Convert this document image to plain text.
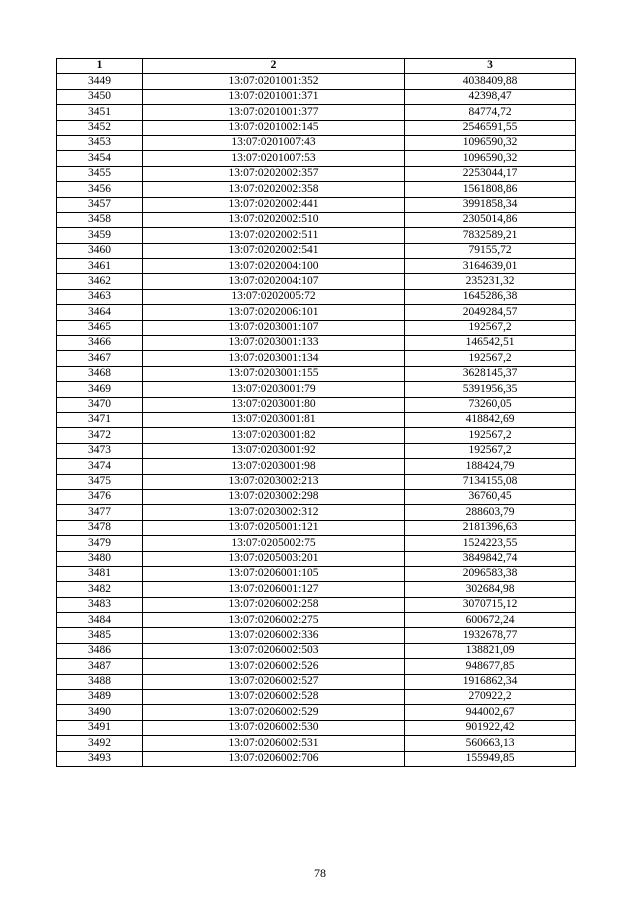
1	2	3
3449	13:07:0201001:352	4038409,88
3450	13:07:0201001:371	42398,47
3451	13:07:0201001:377	84774,72
3452	13:07:0201002:145	2546591,55
3453	13:07:0201007:43	1096590,32
3454	13:07:0201007:53	1096590,32
3455	13:07:0202002:357	2253044,17
3456	13:07:0202002:358	1561808,86
3457	13:07:0202002:441	3991858,34
3458	13:07:0202002:510	2305014,86
3459	13:07:0202002:511	7832589,21
3460	13:07:0202002:541	79155,72
3461	13:07:0202004:100	3164639,01
3462	13:07:0202004:107	235231,32
3463	13:07:0202005:72	1645286,38
3464	13:07:0202006:101	2049284,57
3465	13:07:0203001:107	192567,2
3466	13:07:0203001:133	146542,51
3467	13:07:0203001:134	192567,2
3468	13:07:0203001:155	3628145,37
3469	13:07:0203001:79	5391956,35
3470	13:07:0203001:80	73260,05
3471	13:07:0203001:81	418842,69
3472	13:07:0203001:82	192567,2
3473	13:07:0203001:92	192567,2
3474	13:07:0203001:98	188424,79
3475	13:07:0203002:213	7134155,08
3476	13:07:0203002:298	36760,45
3477	13:07:0203002:312	288603,79
3478	13:07:0205001:121	2181396,63
3479	13:07:0205002:75	1524223,55
3480	13:07:0205003:201	3849842,74
3481	13:07:0206001:105	2096583,38
3482	13:07:0206001:127	302684,98
3483	13:07:0206002:258	3070715,12
3484	13:07:0206002:275	600672,24
3485	13:07:0206002:336	1932678,77
3486	13:07:0206002:503	138821,09
3487	13:07:0206002:526	948677,85
3488	13:07:0206002:527	1916862,34
3489	13:07:0206002:528	270922,2
3490	13:07:0206002:529	944002,67
3491	13:07:0206002:530	901922,42
3492	13:07:0206002:531	560663,13
3493	13:07:0206002:706	155949,85
78
